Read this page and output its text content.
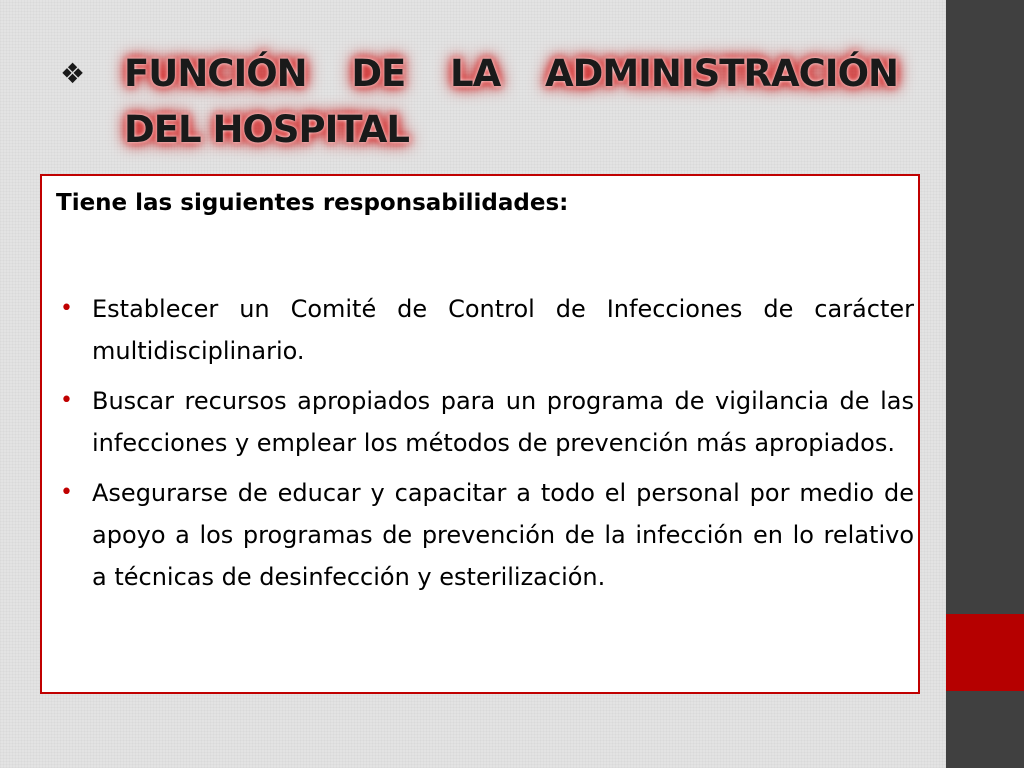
❖	FUNCIÓN DE LA ADMINISTRACIÓN
DEL HOSPITAL
Tiene las siguientes responsabilidades:
• Establecer un Comité de Control de Infecciones de carácter multidisciplinario.
• Buscar recursos apropiados para un programa de vigilancia de las infecciones y emplear los métodos de prevención más apropiados.
• Asegurarse de educar y capacitar a todo el personal por medio de apoyo a los programas de prevención de la infección en lo relativo a técnicas de desinfección y esterilización.
